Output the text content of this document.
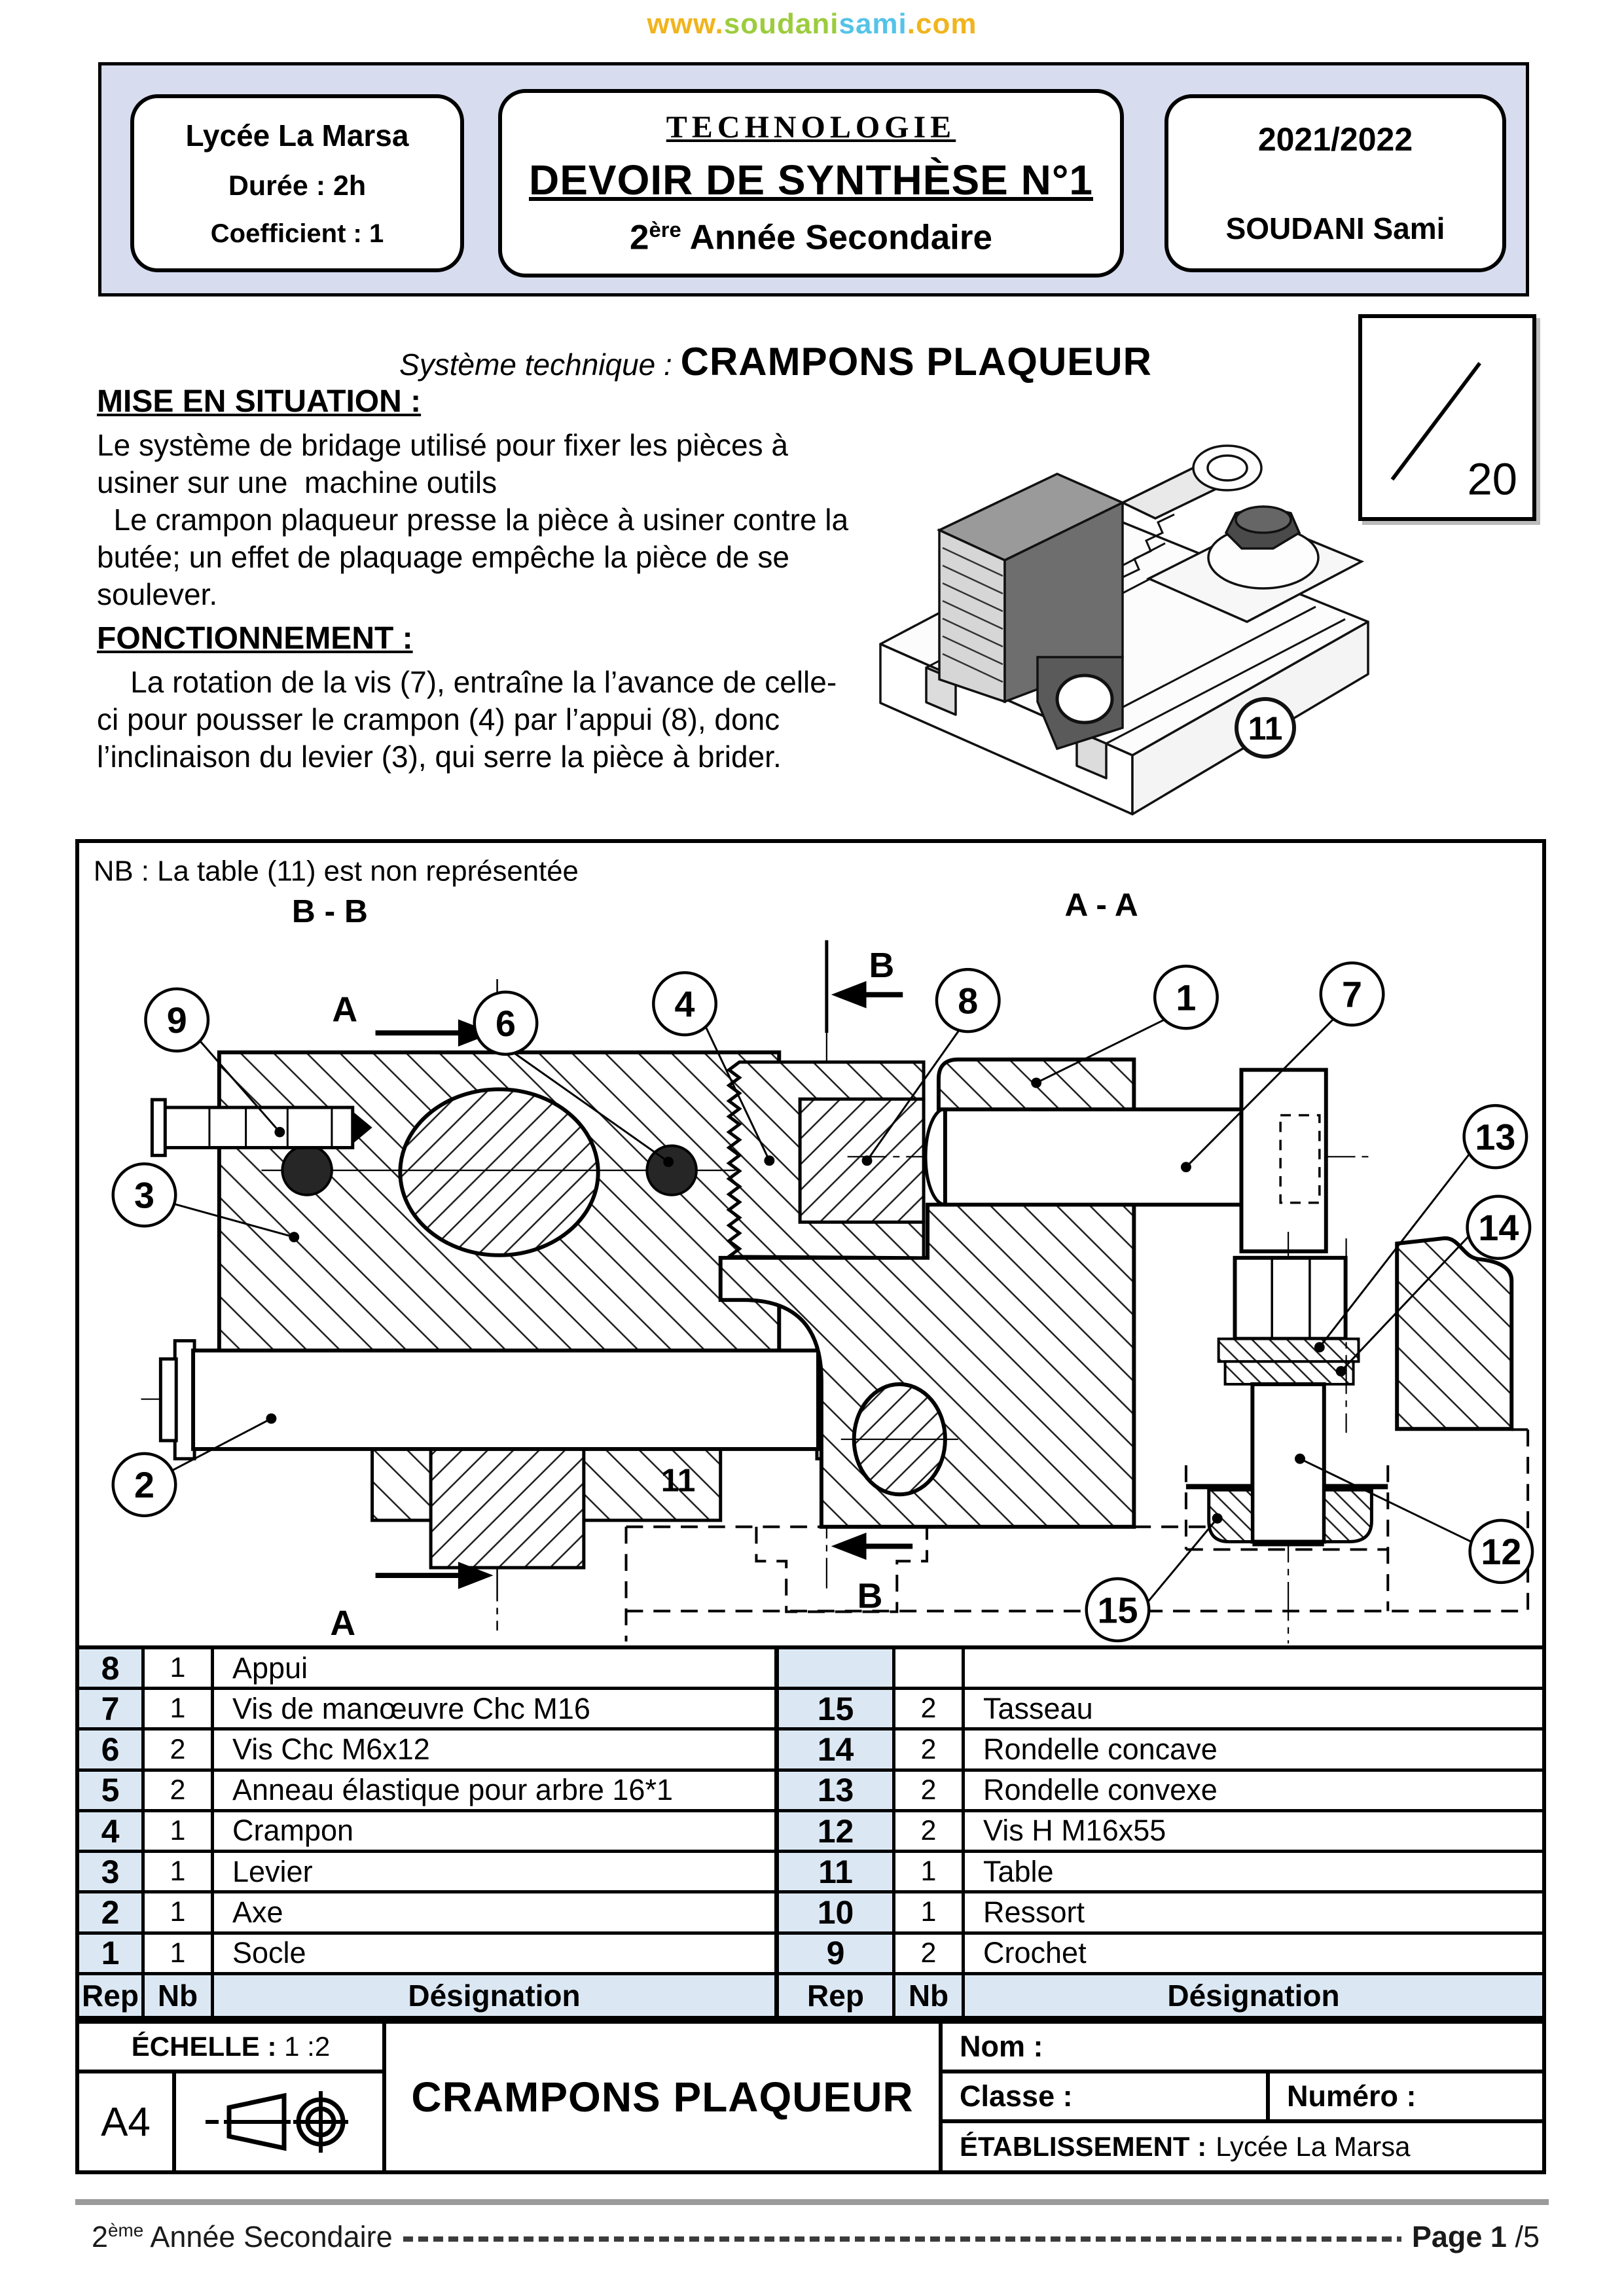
www.soudanisami.com
Lycée La Marsa
Durée : 2h
Coefficient : 1
TECHNOLOGIE
DEVOIR DE SYNTHÈSE N°1
2ère Année Secondaire
2021/2022
SOUDANI Sami
Système technique : CRAMPONS PLAQUEUR
MISE EN SITUATION :
Le système de bridage utilisé pour fixer les pièces à
usiner sur une  machine outils
Le crampon plaqueur presse la pièce à usiner contre la
butée; un effet de plaquage empêche la pièce de se
soulever.
FONCTIONNEMENT :
La rotation de la vis (7), entraîne la l’avance de celle-
ci pour pousser le crampon (4) par l’appui (8), donc
l’inclinaison du levier (3), qui serre la pièce à brider.
20
11
NB : La table (11) est non représentée
B - B
A
A
A - A
B
B
11
9	6
3
2
4	8	1	7
13
14
12
15
8	1	Appui
7	1	Vis de manœuvre Chc M16
6	2	Vis Chc M6x12
5	2	Anneau élastique pour arbre 16*1
4	1	Crampon
3	1	Levier
2	1	Axe
1	1	Socle
Rep Nb	Désignation
15	2	Tasseau
14	2	Rondelle concave
13	2	Rondelle convexe
12	2	Vis H M16x55
11	1	Table
10	1	Ressort
9	2	Crochet
Rep	Nb	Désignation
ÉCHELLE : 1 :2
A4
CRAMPONS PLAQUEUR
Nom :
Classe :	Numéro :
ÉTABLISSEMENT : Lycée La Marsa
2ème Année Secondaire	Page 1 /5
